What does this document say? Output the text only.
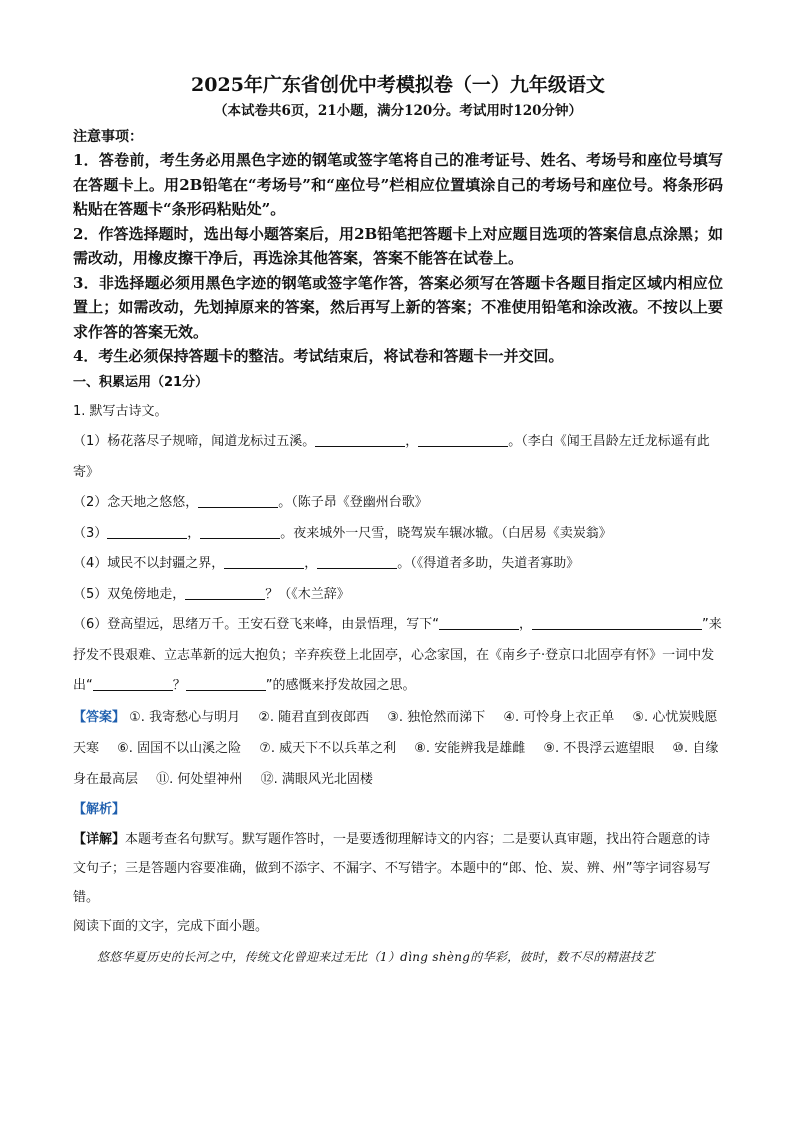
2025年广东省创优中考模拟卷（一）九年级语文

（本试卷共6页，21小题，满分120分。考试用时120分钟）

注意事项：

1．答卷前，考生务必用黑色字迹的钢笔或签字笔将自己的准考证号、姓名、考场号和座位号填写在答题卡上。用2B铅笔在“考场号”和“座位号”栏相应位置填涂自己的考场号和座位号。将条形码粘贴在答题卡“条形码粘贴处”。

2．作答选择题时，选出每小题答案后，用2B铅笔把答题卡上对应题目选项的答案信息点涂黑；如需改动，用橡皮擦干净后，再选涂其他答案，答案不能答在试卷上。

3．非选择题必须用黑色字迹的钢笔或签字笔作答，答案必须写在答题卡各题目指定区域内相应位置上；如需改动，先划掉原来的答案，然后再写上新的答案；不准使用铅笔和涂改液。不按以上要求作答的答案无效。

4．考生必须保持答题卡的整洁。考试结束后，将试卷和答题卡一并交回。

一、积累运用（21分）

1. 默写古诗文。

（1）杨花落尽子规啼，闻道龙标过五溪。	，	。（李白《闻王昌龄左迁龙标遥有此寄》

（2）念天地之悠悠，	。（陈子昂《登幽州台歌》

（3）	，	。夜来城外一尺雪，晓驾炭车辗冰辙。（白居易《卖炭翁》

（4）域民不以封疆之界，	，	。（《得道者多助，失道者寡助》

（5）双兔傍地走，	？（《木兰辞》

（6）登高望远，思绪万千。王安石登飞来峰，由景悟理，写下“	，	”来抒发不畏艰难、立志革新的远大抱负；辛弃疾登上北固亭，心念家国，在《南乡子·登京口北固亭有怀》一词中发出“	？	”的感慨来抒发故园之思。

【答案】 ①. 我寄愁心与明月 ②. 随君直到夜郎西 ③. 独怆然而涕下 ④. 可怜身上衣正单 ⑤. 心忧炭贱愿天寒 ⑥. 固国不以山溪之险 ⑦. 威天下不以兵革之利 ⑧. 安能辨我是雄雌 ⑨. 不畏浮云遮望眼 ⑩. 自缘身在最高层 ⑪. 何处望神州 ⑫. 满眼风光北固楼

【解析】

【详解】本题考查名句默写。默写题作答时，一是要透彻理解诗文的内容；二是要认真审题，找出符合题意的诗文句子；三是答题内容要准确，做到不添字、不漏字、不写错字。本题中的“郎、怆、炭、辨、州”等字词容易写错。

阅读下面的文字，完成下面小题。

悠悠华夏历史的长河之中，传统文化曾迎来过无比（1）dìng shèng的华彩，彼时，数不尽的精湛技艺
